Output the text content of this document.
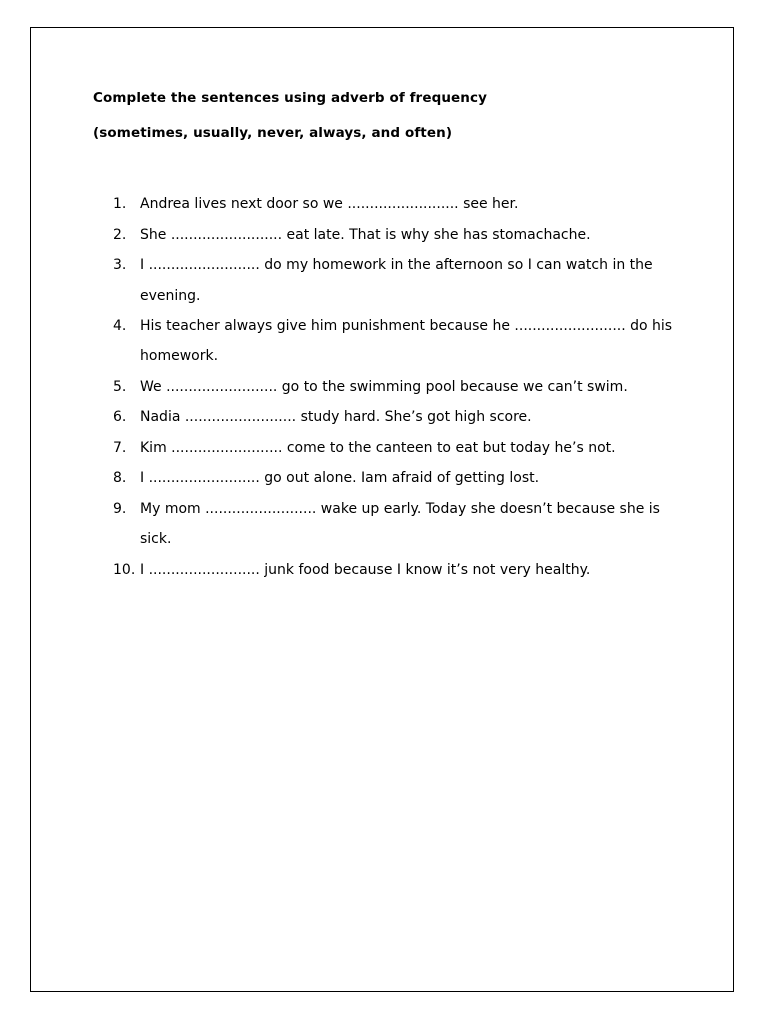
Complete the sentences using adverb of frequency
(sometimes, usually, never, always, and often)
1. Andrea lives next door so we ......................... see her.
2. She ......................... eat late. That is why she has stomachache.
3. I ......................... do my homework in the afternoon so I can watch in the
evening.
4. His teacher always give him punishment because he ......................... do his
homework.
5. We ......................... go to the swimming pool because we can’t swim.
6. Nadia ......................... study hard. She’s got high score.
7. Kim ......................... come to the canteen to eat but today he’s not.
8. I ......................... go out alone. Iam afraid of getting lost.
9. My mom ......................... wake up early. Today she doesn’t because she is
sick.
10. I ......................... junk food because I know it’s not very healthy.
